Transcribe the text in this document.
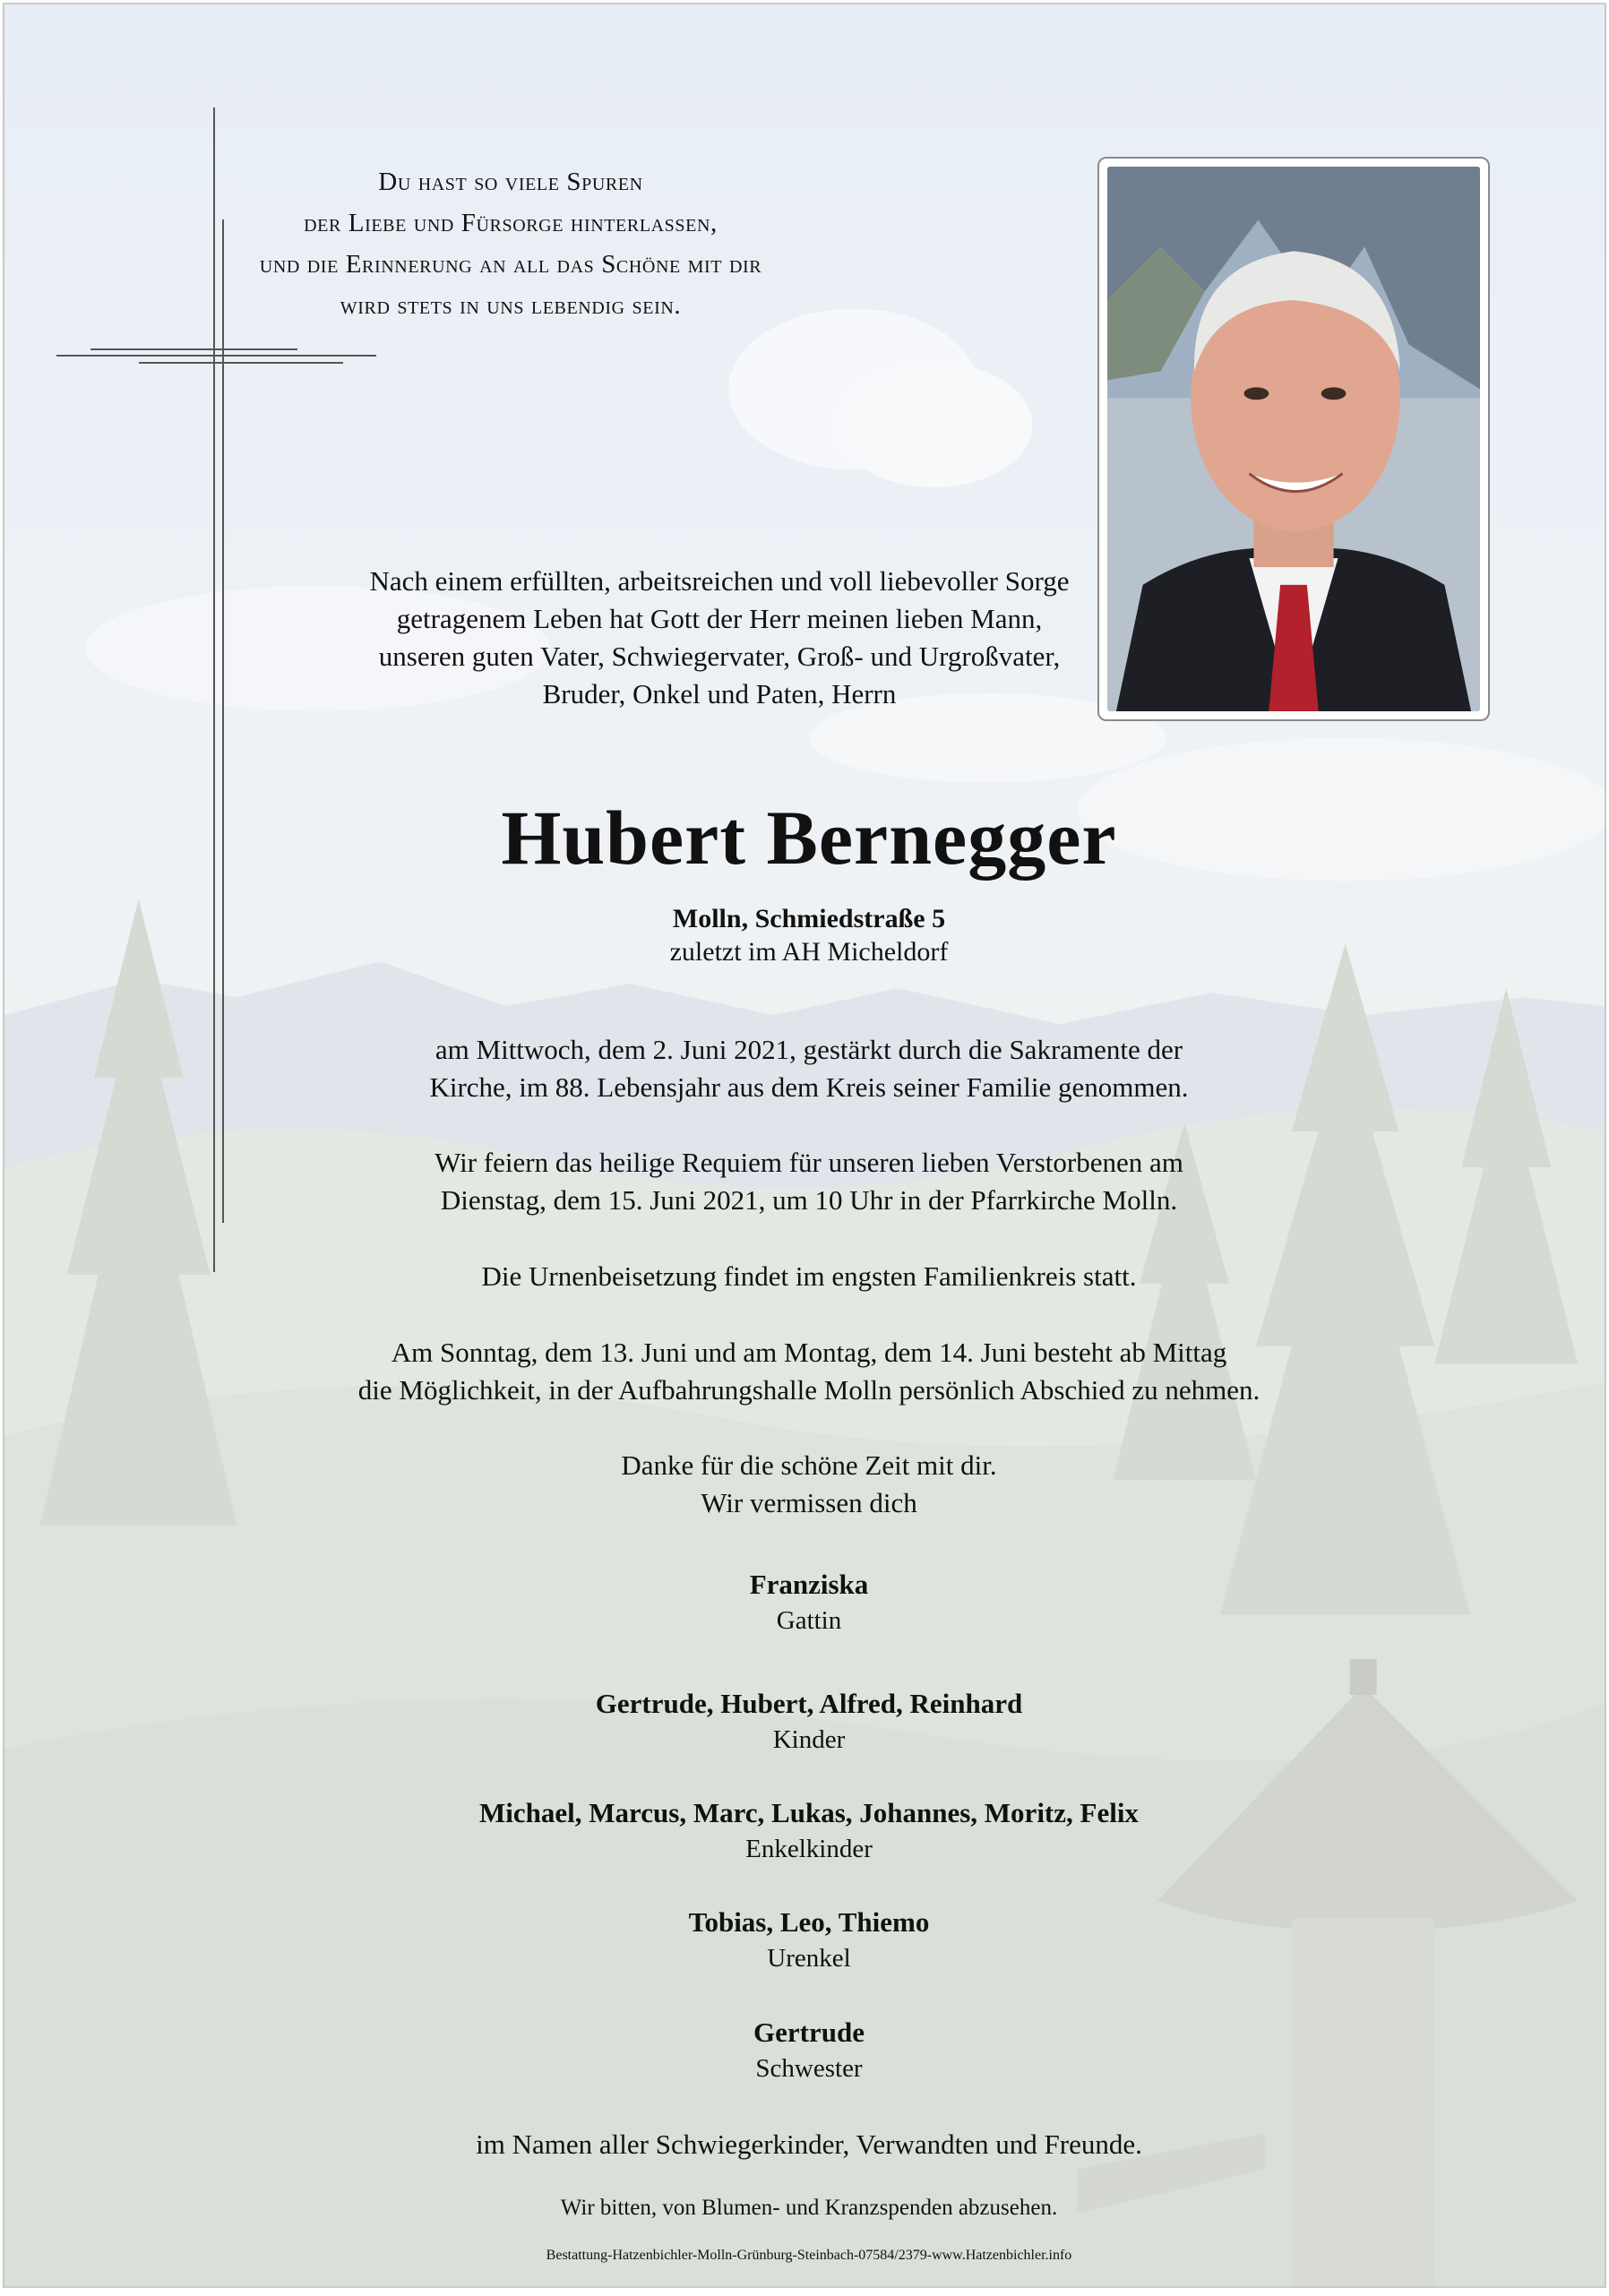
Du hast so viele Spuren
der Liebe und Fürsorge hinterlassen,
und die Erinnerung an all das Schöne mit dir
wird stets in uns lebendig sein.
Nach einem erfüllten, arbeitsreichen und voll liebevoller Sorge
getragenem Leben hat Gott der Herr meinen lieben Mann,
unseren guten Vater, Schwiegervater, Groß- und Urgroßvater,
Bruder, Onkel und Paten, Herrn
Hubert Bernegger
Molln, Schmiedstraße 5
zuletzt im AH Micheldorf
am Mittwoch, dem 2. Juni 2021, gestärkt durch die Sakramente der
Kirche, im 88. Lebensjahr aus dem Kreis seiner Familie genommen.
Wir feiern das heilige Requiem für unseren lieben Verstorbenen am
Dienstag, dem 15. Juni 2021, um 10 Uhr in der Pfarrkirche Molln.
Die Urnenbeisetzung findet im engsten Familienkreis statt.
Am Sonntag, dem 13. Juni und am Montag, dem 14. Juni besteht ab Mittag
die Möglichkeit, in der Aufbahrungshalle Molln persönlich Abschied zu nehmen.
Danke für die schöne Zeit mit dir.
Wir vermissen dich
Franziska
Gattin
Gertrude, Hubert, Alfred, Reinhard
Kinder
Michael, Marcus, Marc, Lukas, Johannes, Moritz, Felix
Enkelkinder
Tobias, Leo, Thiemo
Urenkel
Gertrude
Schwester
im Namen aller Schwiegerkinder, Verwandten und Freunde.
Wir bitten, von Blumen- und Kranzspenden abzusehen.
Bestattung-Hatzenbichler-Molln-Grünburg-Steinbach-07584/2379-www.Hatzenbichler.info
